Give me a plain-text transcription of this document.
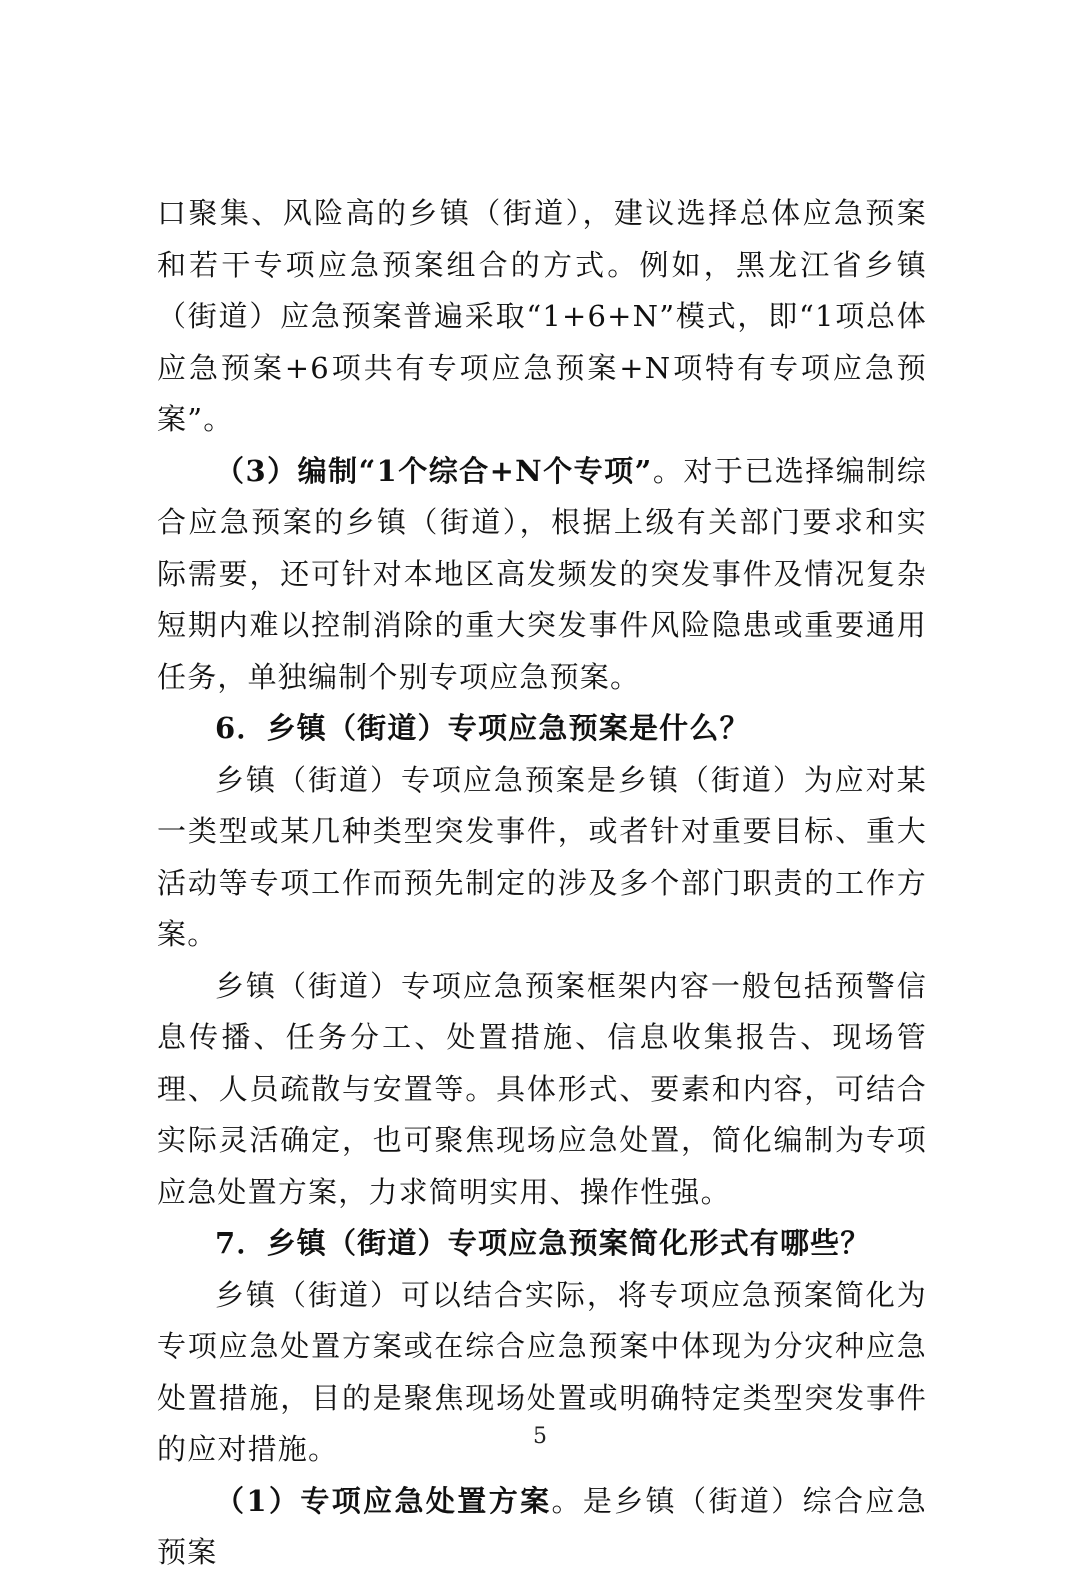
口聚集、风险高的乡镇（街道），建议选择总体应急预案和若干专项应急预案组合的方式。例如，黑龙江省乡镇（街道）应急预案普遍采取“1+6+N”模式，即“1项总体应急预案+6项共有专项应急预案+N项特有专项应急预案”。

（3）编制“1个综合+N个专项”。对于已选择编制综合应急预案的乡镇（街道），根据上级有关部门要求和实际需要，还可针对本地区高发频发的突发事件及情况复杂短期内难以控制消除的重大突发事件风险隐患或重要通用任务，单独编制个别专项应急预案。

6．乡镇（街道）专项应急预案是什么？

乡镇（街道）专项应急预案是乡镇（街道）为应对某一类型或某几种类型突发事件，或者针对重要目标、重大活动等专项工作而预先制定的涉及多个部门职责的工作方案。

乡镇（街道）专项应急预案框架内容一般包括预警信息传播、任务分工、处置措施、信息收集报告、现场管理、人员疏散与安置等。具体形式、要素和内容，可结合实际灵活确定，也可聚焦现场应急处置，简化编制为专项应急处置方案，力求简明实用、操作性强。

7．乡镇（街道）专项应急预案简化形式有哪些？

乡镇（街道）可以结合实际，将专项应急预案简化为专项应急处置方案或在综合应急预案中体现为分灾种应急处置措施，目的是聚焦现场处置或明确特定类型突发事件的应对措施。

（1）专项应急处置方案。是乡镇（街道）综合应急预案

5
